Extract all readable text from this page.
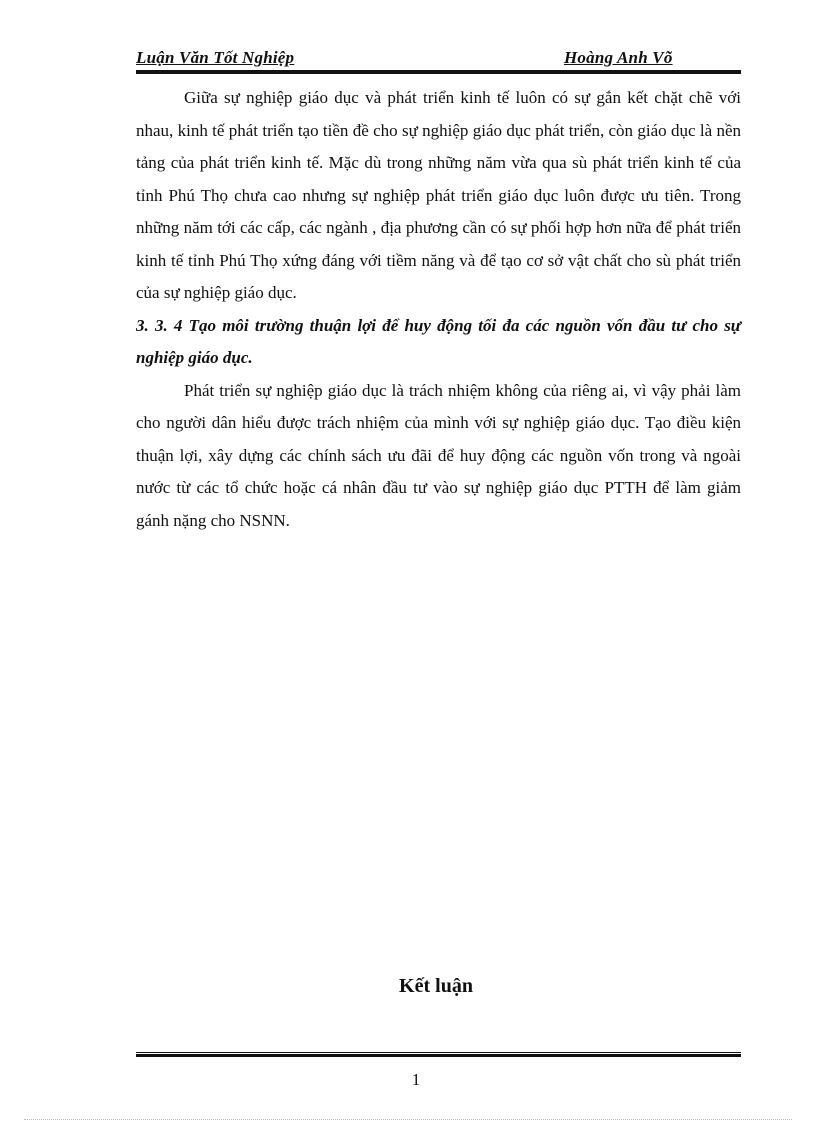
Luận Văn Tốt Nghiệp	Hoàng Anh Võ

Giữa sự nghiệp giáo dục và phát triển kinh tế luôn có sự gắn kết chặt chẽ với nhau, kinh tế phát triển tạo tiền đề cho sự nghiệp giáo dục phát triển, còn giáo dục là nền tảng của phát triển kinh tế. Mặc dù trong những năm vừa qua sù phát triển kinh tế của tỉnh Phú Thọ chưa cao nhưng sự nghiệp phát triển giáo dục luôn được ưu tiên. Trong những năm tới các cấp, các ngành , địa phương cần có sự phối hợp hơn nữa để phát triển kinh tế tỉnh Phú Thọ xứng đáng với tiềm năng và để tạo cơ sở vật chất cho sù phát triển của sự nghiệp giáo dục.

3. 3. 4 Tạo môi trường thuận lợi để huy động tối đa các nguồn vốn đầu tư cho sự nghiệp giáo dục.

Phát triển sự nghiệp giáo dục là trách nhiệm không của riêng ai, vì vậy phải làm cho người dân hiểu được trách nhiệm của mình với sự nghiệp giáo dục. Tạo điều kiện thuận lợi, xây dựng các chính sách ưu đãi để huy động các nguồn vốn trong và ngoài nước từ các tổ chức hoặc cá nhân đầu tư vào sự nghiệp giáo dục PTTH để làm giảm gánh nặng cho NSNN.

Kết luận
1
